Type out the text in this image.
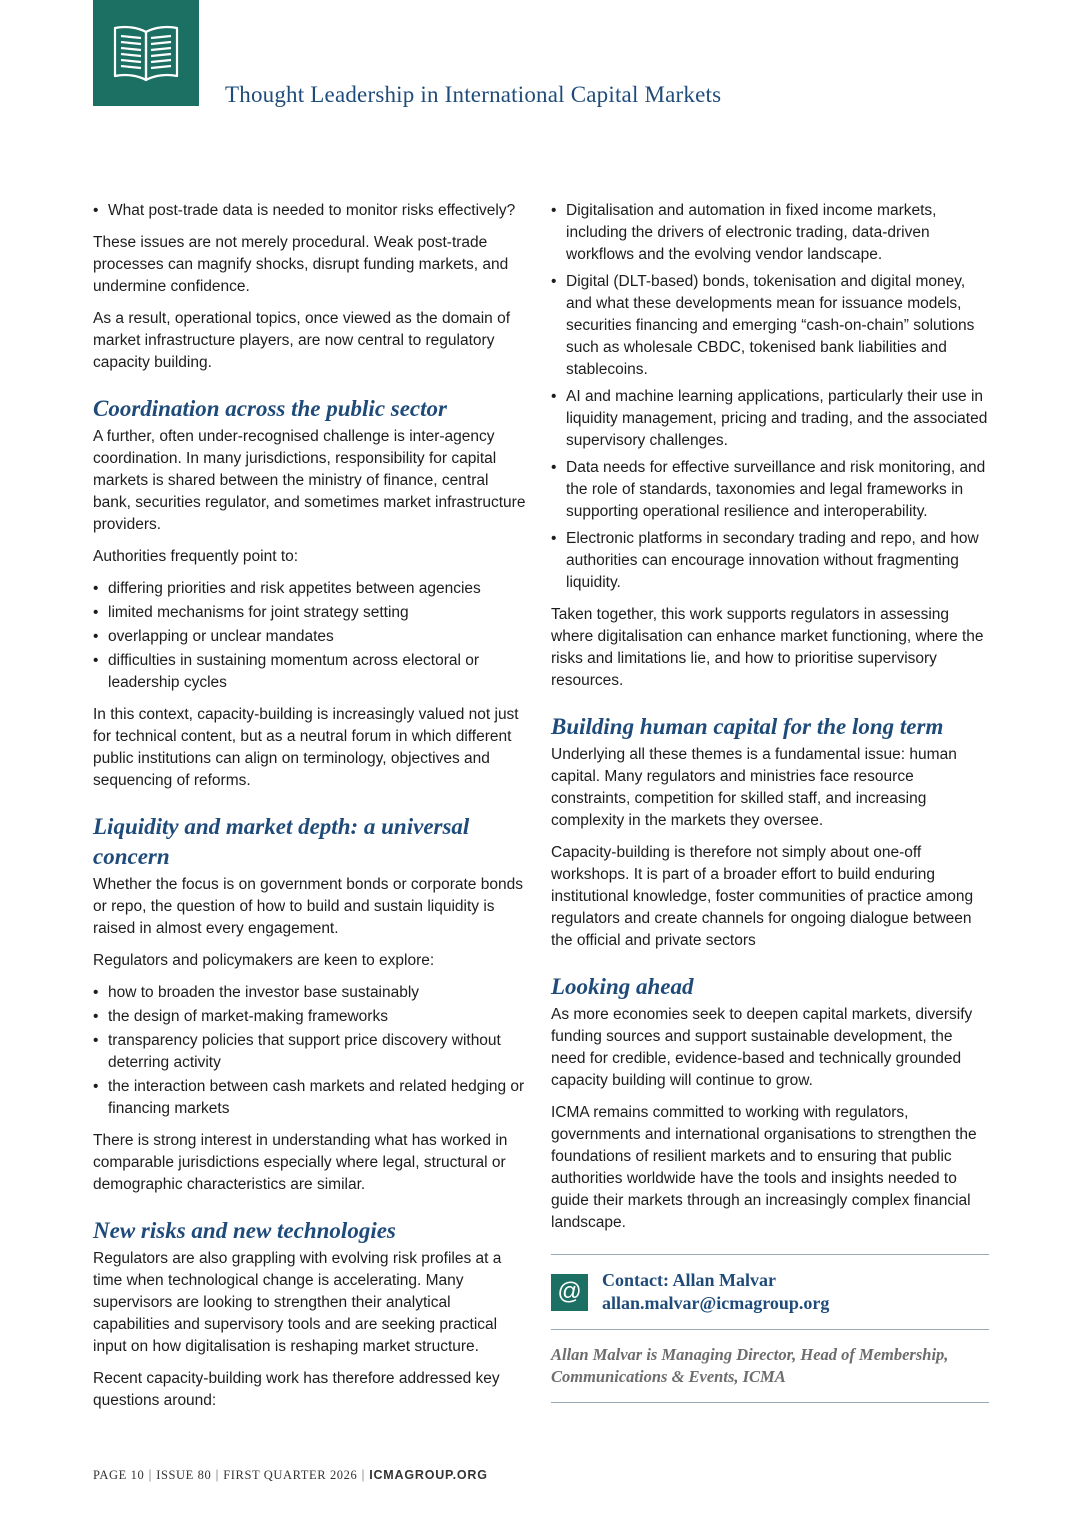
Thought Leadership in International Capital Markets
• What post-trade data is needed to monitor risks effectively?

These issues are not merely procedural. Weak post-trade processes can magnify shocks, disrupt funding markets, and undermine confidence.

As a result, operational topics, once viewed as the domain of market infrastructure players, are now central to regulatory capacity building.

Coordination across the public sector

A further, often under-recognised challenge is inter-agency coordination. In many jurisdictions, responsibility for capital markets is shared between the ministry of finance, central bank, securities regulator, and sometimes market infrastructure providers.

Authorities frequently point to:

• differing priorities and risk appetites between agencies
• limited mechanisms for joint strategy setting
• overlapping or unclear mandates
• difficulties in sustaining momentum across electoral or leadership cycles

In this context, capacity-building is increasingly valued not just for technical content, but as a neutral forum in which different public institutions can align on terminology, objectives and sequencing of reforms.

Liquidity and market depth: a universal concern

Whether the focus is on government bonds or corporate bonds or repo, the question of how to build and sustain liquidity is raised in almost every engagement.

Regulators and policymakers are keen to explore:

• how to broaden the investor base sustainably
• the design of market-making frameworks
• transparency policies that support price discovery without deterring activity
• the interaction between cash markets and related hedging or financing markets

There is strong interest in understanding what has worked in comparable jurisdictions especially where legal, structural or demographic characteristics are similar.

New risks and new technologies

Regulators are also grappling with evolving risk profiles at a time when technological change is accelerating. Many supervisors are looking to strengthen their analytical capabilities and supervisory tools and are seeking practical input on how digitalisation is reshaping market structure.

Recent capacity-building work has therefore addressed key questions around:

• Digitalisation and automation in fixed income markets, including the drivers of electronic trading, data-driven workflows and the evolving vendor landscape.
• Digital (DLT-based) bonds, tokenisation and digital money, and what these developments mean for issuance models, securities financing and emerging “cash-on-chain” solutions such as wholesale CBDC, tokenised bank liabilities and stablecoins.
• AI and machine learning applications, particularly their use in liquidity management, pricing and trading, and the associated supervisory challenges.
• Data needs for effective surveillance and risk monitoring, and the role of standards, taxonomies and legal frameworks in supporting operational resilience and interoperability.
• Electronic platforms in secondary trading and repo, and how authorities can encourage innovation without fragmenting liquidity.

Taken together, this work supports regulators in assessing where digitalisation can enhance market functioning, where the risks and limitations lie, and how to prioritise supervisory resources.

Building human capital for the long term

Underlying all these themes is a fundamental issue: human capital. Many regulators and ministries face resource constraints, competition for skilled staff, and increasing complexity in the markets they oversee.

Capacity-building is therefore not simply about one-off workshops. It is part of a broader effort to build enduring institutional knowledge, foster communities of practice among regulators and create channels for ongoing dialogue between the official and private sectors

Looking ahead

As more economies seek to deepen capital markets, diversify funding sources and support sustainable development, the need for credible, evidence-based and technically grounded capacity building will continue to grow.

ICMA remains committed to working with regulators, governments and international organisations to strengthen the foundations of resilient markets and to ensuring that public authorities worldwide have the tools and insights needed to guide their markets through an increasingly complex financial landscape.

@	Contact: Allan Malvar
allan.malvar@icmagroup.org
Allan Malvar is Managing Director, Head of Membership, Communications & Events, ICMA
PAGE 10 | ISSUE 80 | FIRST QUARTER 2026 | ICMAGROUP.ORG
